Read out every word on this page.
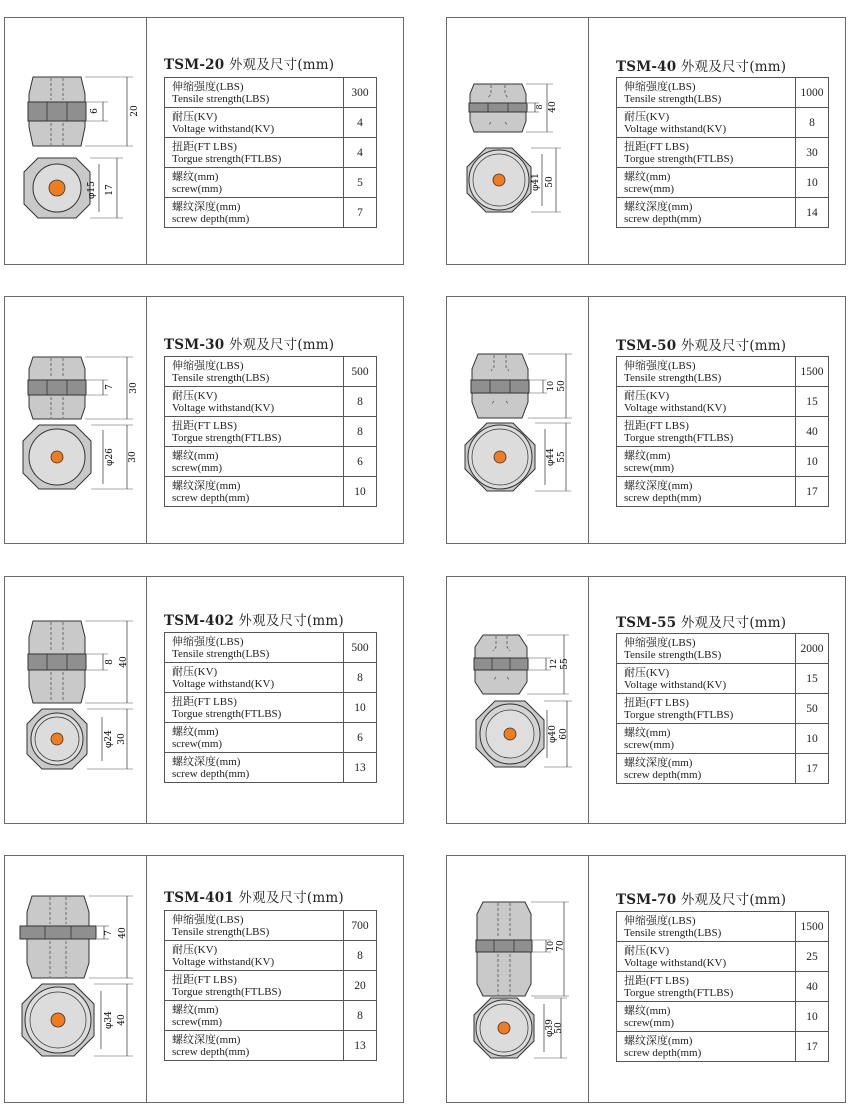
6	20
φ15 17
TSM-20 外观及尺寸(mm)
伸缩强度(LBS)
Tensile strength(LBS)	300

耐压(KV)
Voltage withstand(KV)	4

扭距(FT LBS)
Torgue strength(FTLBS)	4

螺纹(mm)
screw(mm)	5

螺纹深度(mm)
screw depth(mm)	7
8 40
φ41 50
TSM-40 外观及尺寸(mm)
伸缩强度(LBS)
Tensile strength(LBS)	1000

耐压(KV)
Voltage withstand(KV)	8

扭距(FT LBS)
Torgue strength(FTLBS)	30

螺纹(mm)
screw(mm)	10

螺纹深度(mm)
screw depth(mm)	14
7 30
φ26 30
TSM-30 外观及尺寸(mm)
伸缩强度(LBS)
Tensile strength(LBS)	500

耐压(KV)
Voltage withstand(KV)	8

扭距(FT LBS)
Torgue strength(FTLBS)	8

螺纹(mm)
screw(mm)	6

螺纹深度(mm)
screw depth(mm)	10
10 50
φ44 55
TSM-50 外观及尺寸(mm)
伸缩强度(LBS)
Tensile strength(LBS)	1500

耐压(KV)
Voltage withstand(KV)	15

扭距(FT LBS)
Torgue strength(FTLBS)	40

螺纹(mm)
screw(mm)	10

螺纹深度(mm)
screw depth(mm)	17
8 40
φ24 30
TSM-402 外观及尺寸(mm)
伸缩强度(LBS)
Tensile strength(LBS)	500

耐压(KV)
Voltage withstand(KV)	8

扭距(FT LBS)
Torgue strength(FTLBS)	10

螺纹(mm)
screw(mm)	6

螺纹深度(mm)
screw depth(mm)	13
12 55
φ40 60
TSM-55 外观及尺寸(mm)
伸缩强度(LBS)
Tensile strength(LBS)	2000

耐压(KV)
Voltage withstand(KV)	15

扭距(FT LBS)
Torgue strength(FTLBS)	50

螺纹(mm)
screw(mm)	10

螺纹深度(mm)
screw depth(mm)	17
7 40
φ34 40
TSM-401 外观及尺寸(mm)
伸缩强度(LBS)
Tensile strength(LBS)	700

耐压(KV)
Voltage withstand(KV)	8

扭距(FT LBS)
Torgue strength(FTLBS)	20

螺纹(mm)
screw(mm)	8

螺纹深度(mm)
screw depth(mm)	13
10 70
φ39 50
TSM-70 外观及尺寸(mm)
伸缩强度(LBS)
Tensile strength(LBS)	1500

耐压(KV)
Voltage withstand(KV)	25

扭距(FT LBS)
Torgue strength(FTLBS)	40

螺纹(mm)
screw(mm)	10

螺纹深度(mm)
screw depth(mm)	17
